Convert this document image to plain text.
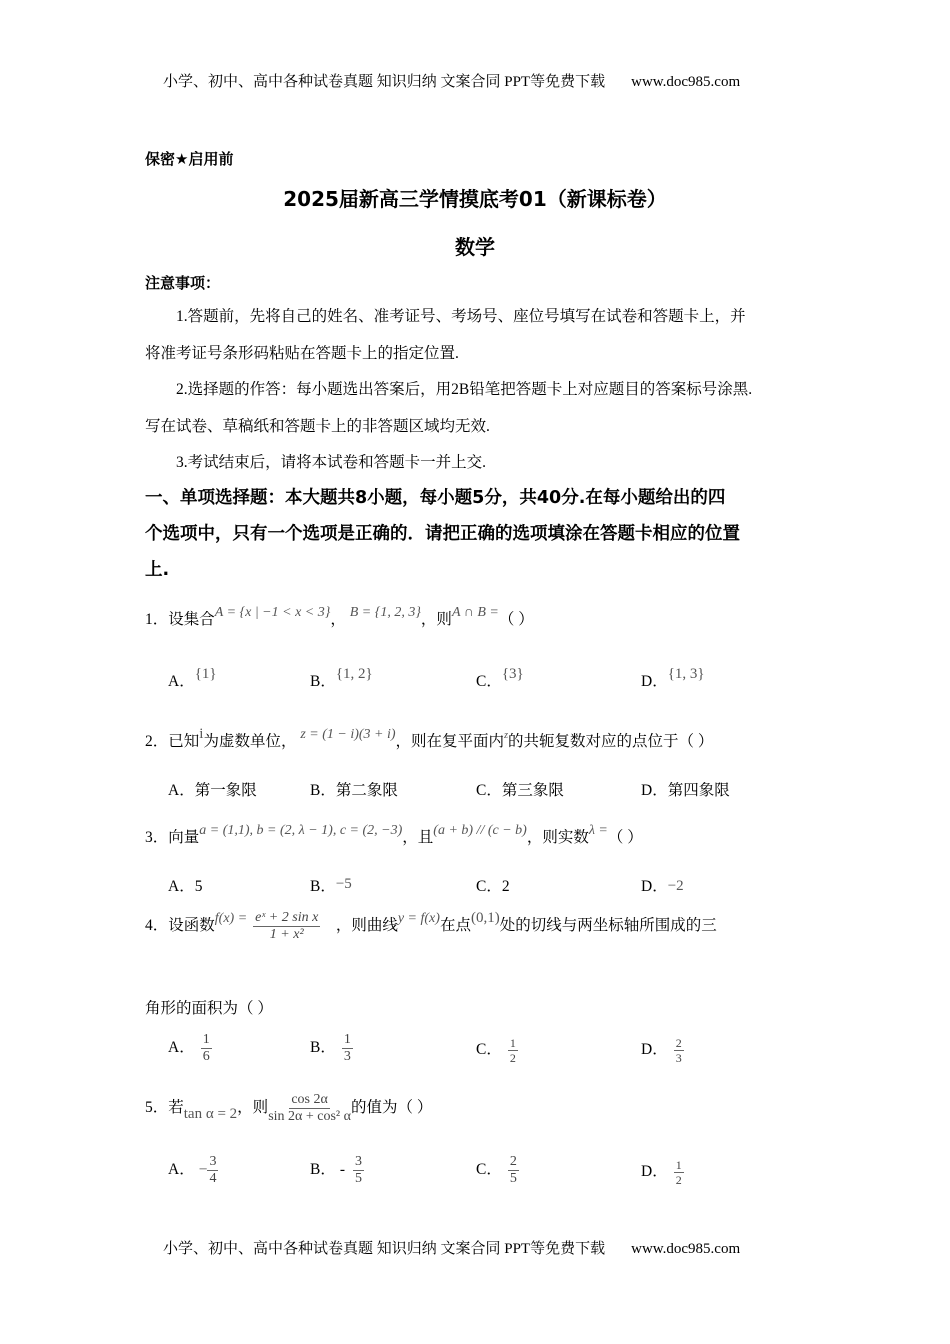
小学、初中、高中各种试卷真题 知识归纳 文案合同 PPT等免费下载 www.doc985.com
保密★启用前
2025届新高三学情摸底考01（新课标卷）
数学
注意事项：
1.答题前，先将自己的姓名、准考证号、考场号、座位号填写在试卷和答题卡上，并
将准考证号条形码粘贴在答题卡上的指定位置.
2.选择题的作答：每小题选出答案后，用2B铅笔把答题卡上对应题目的答案标号涂黑.
写在试卷、草稿纸和答题卡上的非答题区域均无效.
3.考试结束后，请将本试卷和答题卡一并上交.
一、单项选择题：本大题共8小题，每小题5分，共40分.在每小题给出的四
个选项中，只有一个选项是正确的．请把正确的选项填涂在答题卡相应的位置
上.
1．设集合A = {x | −1 < x < 3}， B = {1, 2, 3}，则A ∩ B =（ ）
A．{1}	B．{1, 2}	C．{3}	D．{1, 3}
2．已知i为虚数单位， z = (1 − i)(3 + i)，则在复平面内$^z$的共轭复数对应的点位于（ ）
A．第一象限	B．第二象限	C．第三象限	D．第四象限
3．向量a = (1,1), b = (2, λ − 1), c = (2, −3)，且(a + b) // (c − b)，则实数λ =（ ）
A．5	B．−5	C．2	D．−2
4．设函数$f(x) = \frac{\text{eˣ + 2 sin x}}{\text{1 + x²}}$
　 ，则曲线y = f(x)在点(0,1)处的切线与两坐标轴所围成的三
角形的面积为（ ）
A． $\frac{1}{6}$	B． $\frac{1}{3}$	C． $\frac{1}{2}$	D． $\frac{2}{3}$
5．若tan α = 2，则 $\frac{\cos 2\alpha}{\text{sin 2α + cos² α}}$ 的值为（ ）
A． − $\frac{3}{4}$	B． - $\frac{3}{5}$	C． $\frac{2}{5}$	D． $\frac{1}{2}$
小学、初中、高中各种试卷真题 知识归纳 文案合同 PPT等免费下载 www.doc985.com
